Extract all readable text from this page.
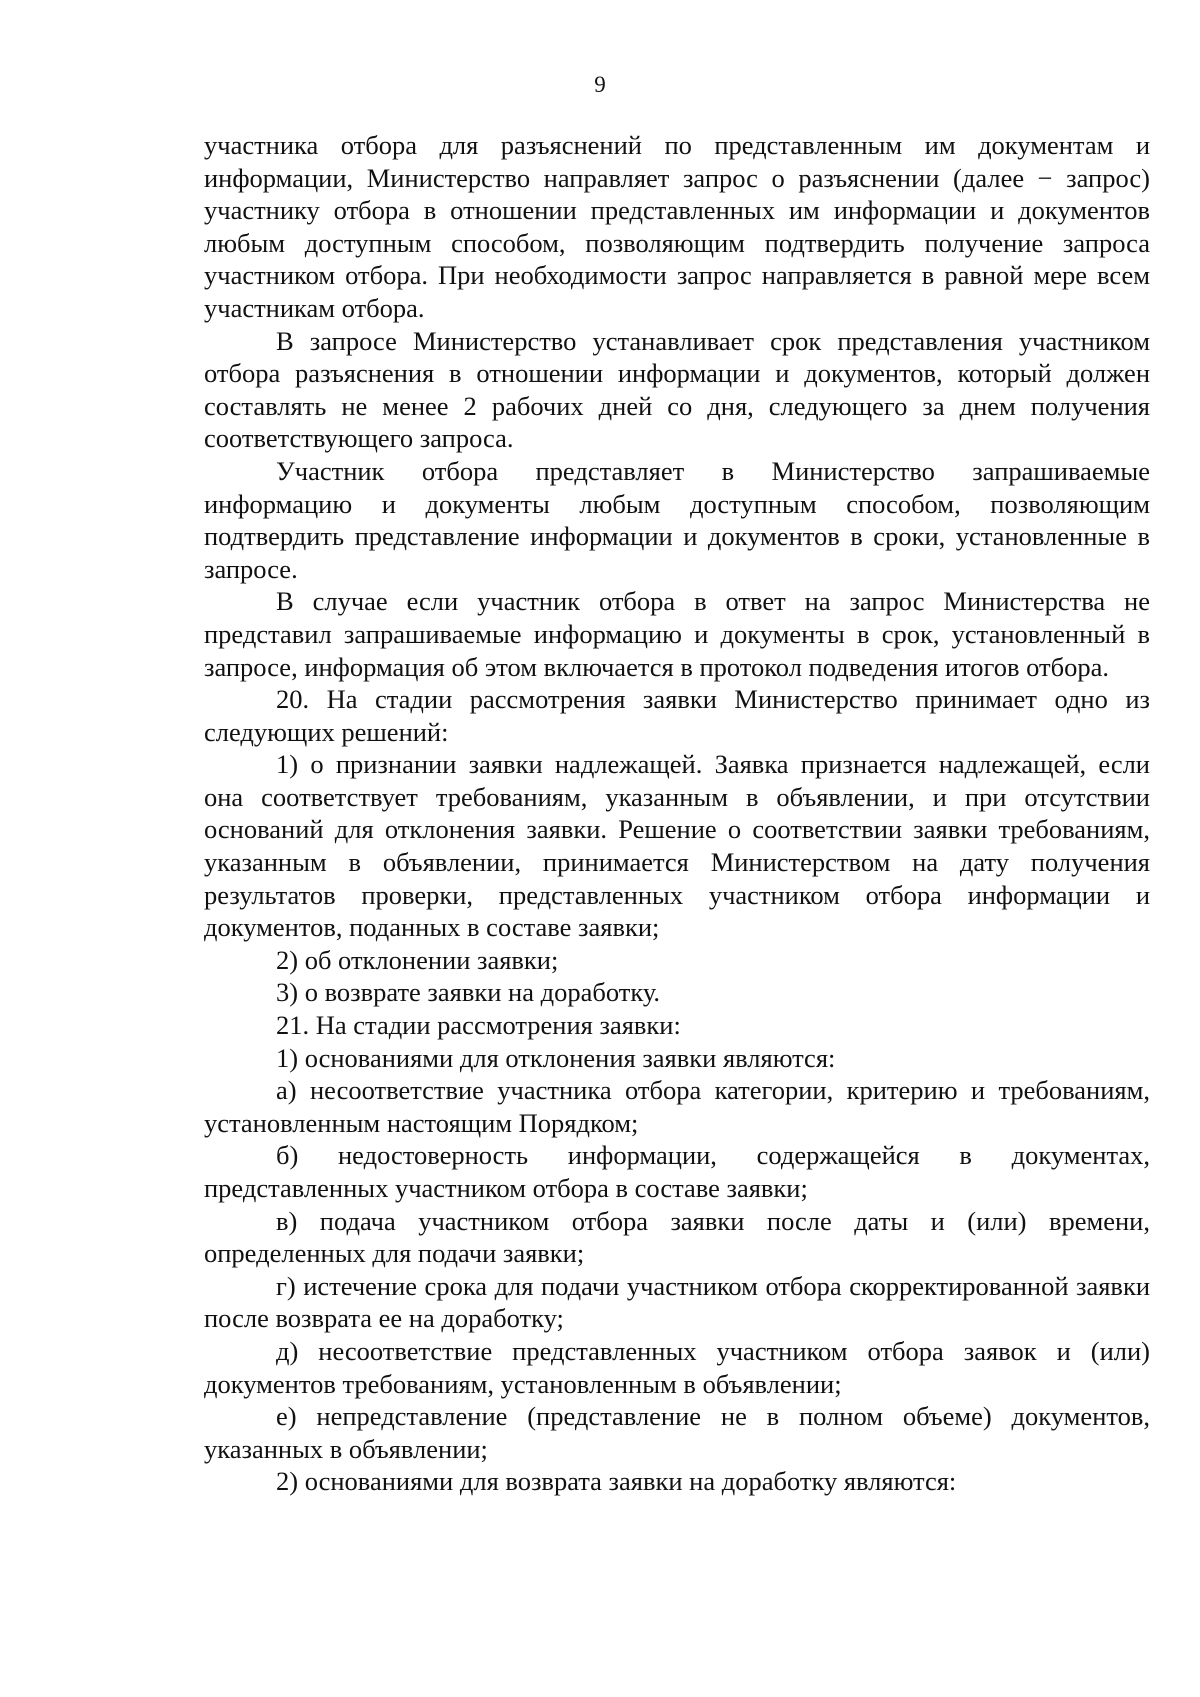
9

участника отбора для разъяснений по представленным им документам и информации, Министерство направляет запрос о разъяснении (далее − запрос) участнику отбора в отношении представленных им информации и документов любым доступным способом, позволяющим подтвердить получение запроса участником отбора. При необходимости запрос направляется в равной мере всем участникам отбора.

В запросе Министерство устанавливает срок представления участником отбора разъяснения в отношении информации и документов, который должен составлять не менее 2 рабочих дней со дня, следующего за днем получения соответствующего запроса.

Участник отбора представляет в Министерство запрашиваемые информацию и документы любым доступным способом, позволяющим подтвердить представление информации и документов в сроки, установленные в запросе.

В случае если участник отбора в ответ на запрос Министерства не представил запрашиваемые информацию и документы в срок, установленный в запросе, информация об этом включается в протокол подведения итогов отбора.

20. На стадии рассмотрения заявки Министерство принимает одно из следующих решений:

1) о признании заявки надлежащей. Заявка признается надлежащей, если она соответствует требованиям, указанным в объявлении, и при отсутствии оснований для отклонения заявки. Решение о соответствии заявки требованиям, указанным в объявлении, принимается Министерством на дату получения результатов проверки, представленных участником отбора информации и документов, поданных в составе заявки;

2) об отклонении заявки;

3) о возврате заявки на доработку.

21. На стадии рассмотрения заявки:

1) основаниями для отклонения заявки являются:

а) несоответствие участника отбора категории, критерию и требованиям, установленным настоящим Порядком;

б) недостоверность информации, содержащейся в документах, представленных участником отбора в составе заявки;

в) подача участником отбора заявки после даты и (или) времени, определенных для подачи заявки;

г) истечение срока для подачи участником отбора скорректированной заявки после возврата ее на доработку;

д) несоответствие представленных участником отбора заявок и (или) документов требованиям, установленным в объявлении;

е) непредставление (представление не в полном объеме) документов, указанных в объявлении;

2) основаниями для возврата заявки на доработку являются:
